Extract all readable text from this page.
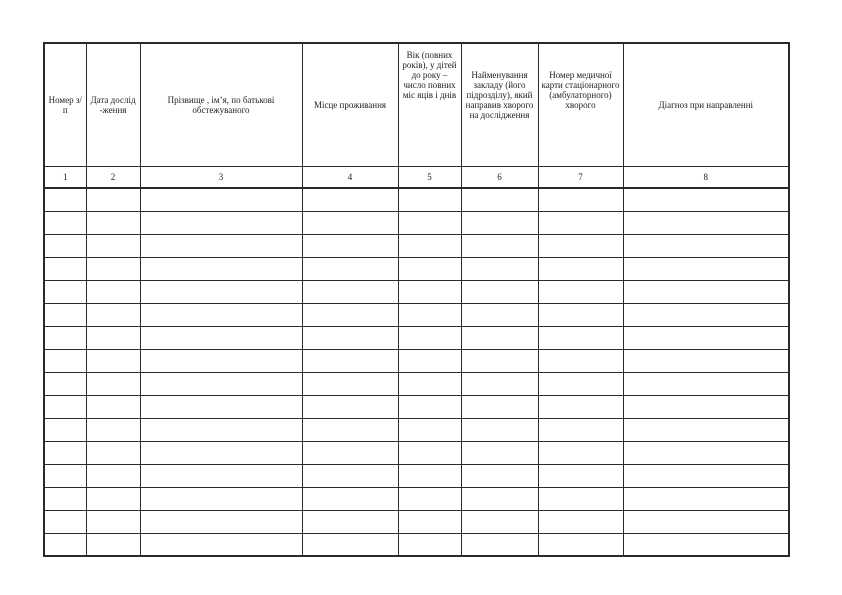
Номер з/п	Дата дослід -ження	Прізвище , ім’я, по батькові обстежуваного	Місце проживання	Вік (повних років), у дітей до року – число повних міс яців і днів	Найменування закладу (його підрозділу), який направив хворого на дослідження	Номер медичної карти стаціонарного (амбулаторного) хворого	Діагноз при направленні
1	2	3	4	5	6	7	8
